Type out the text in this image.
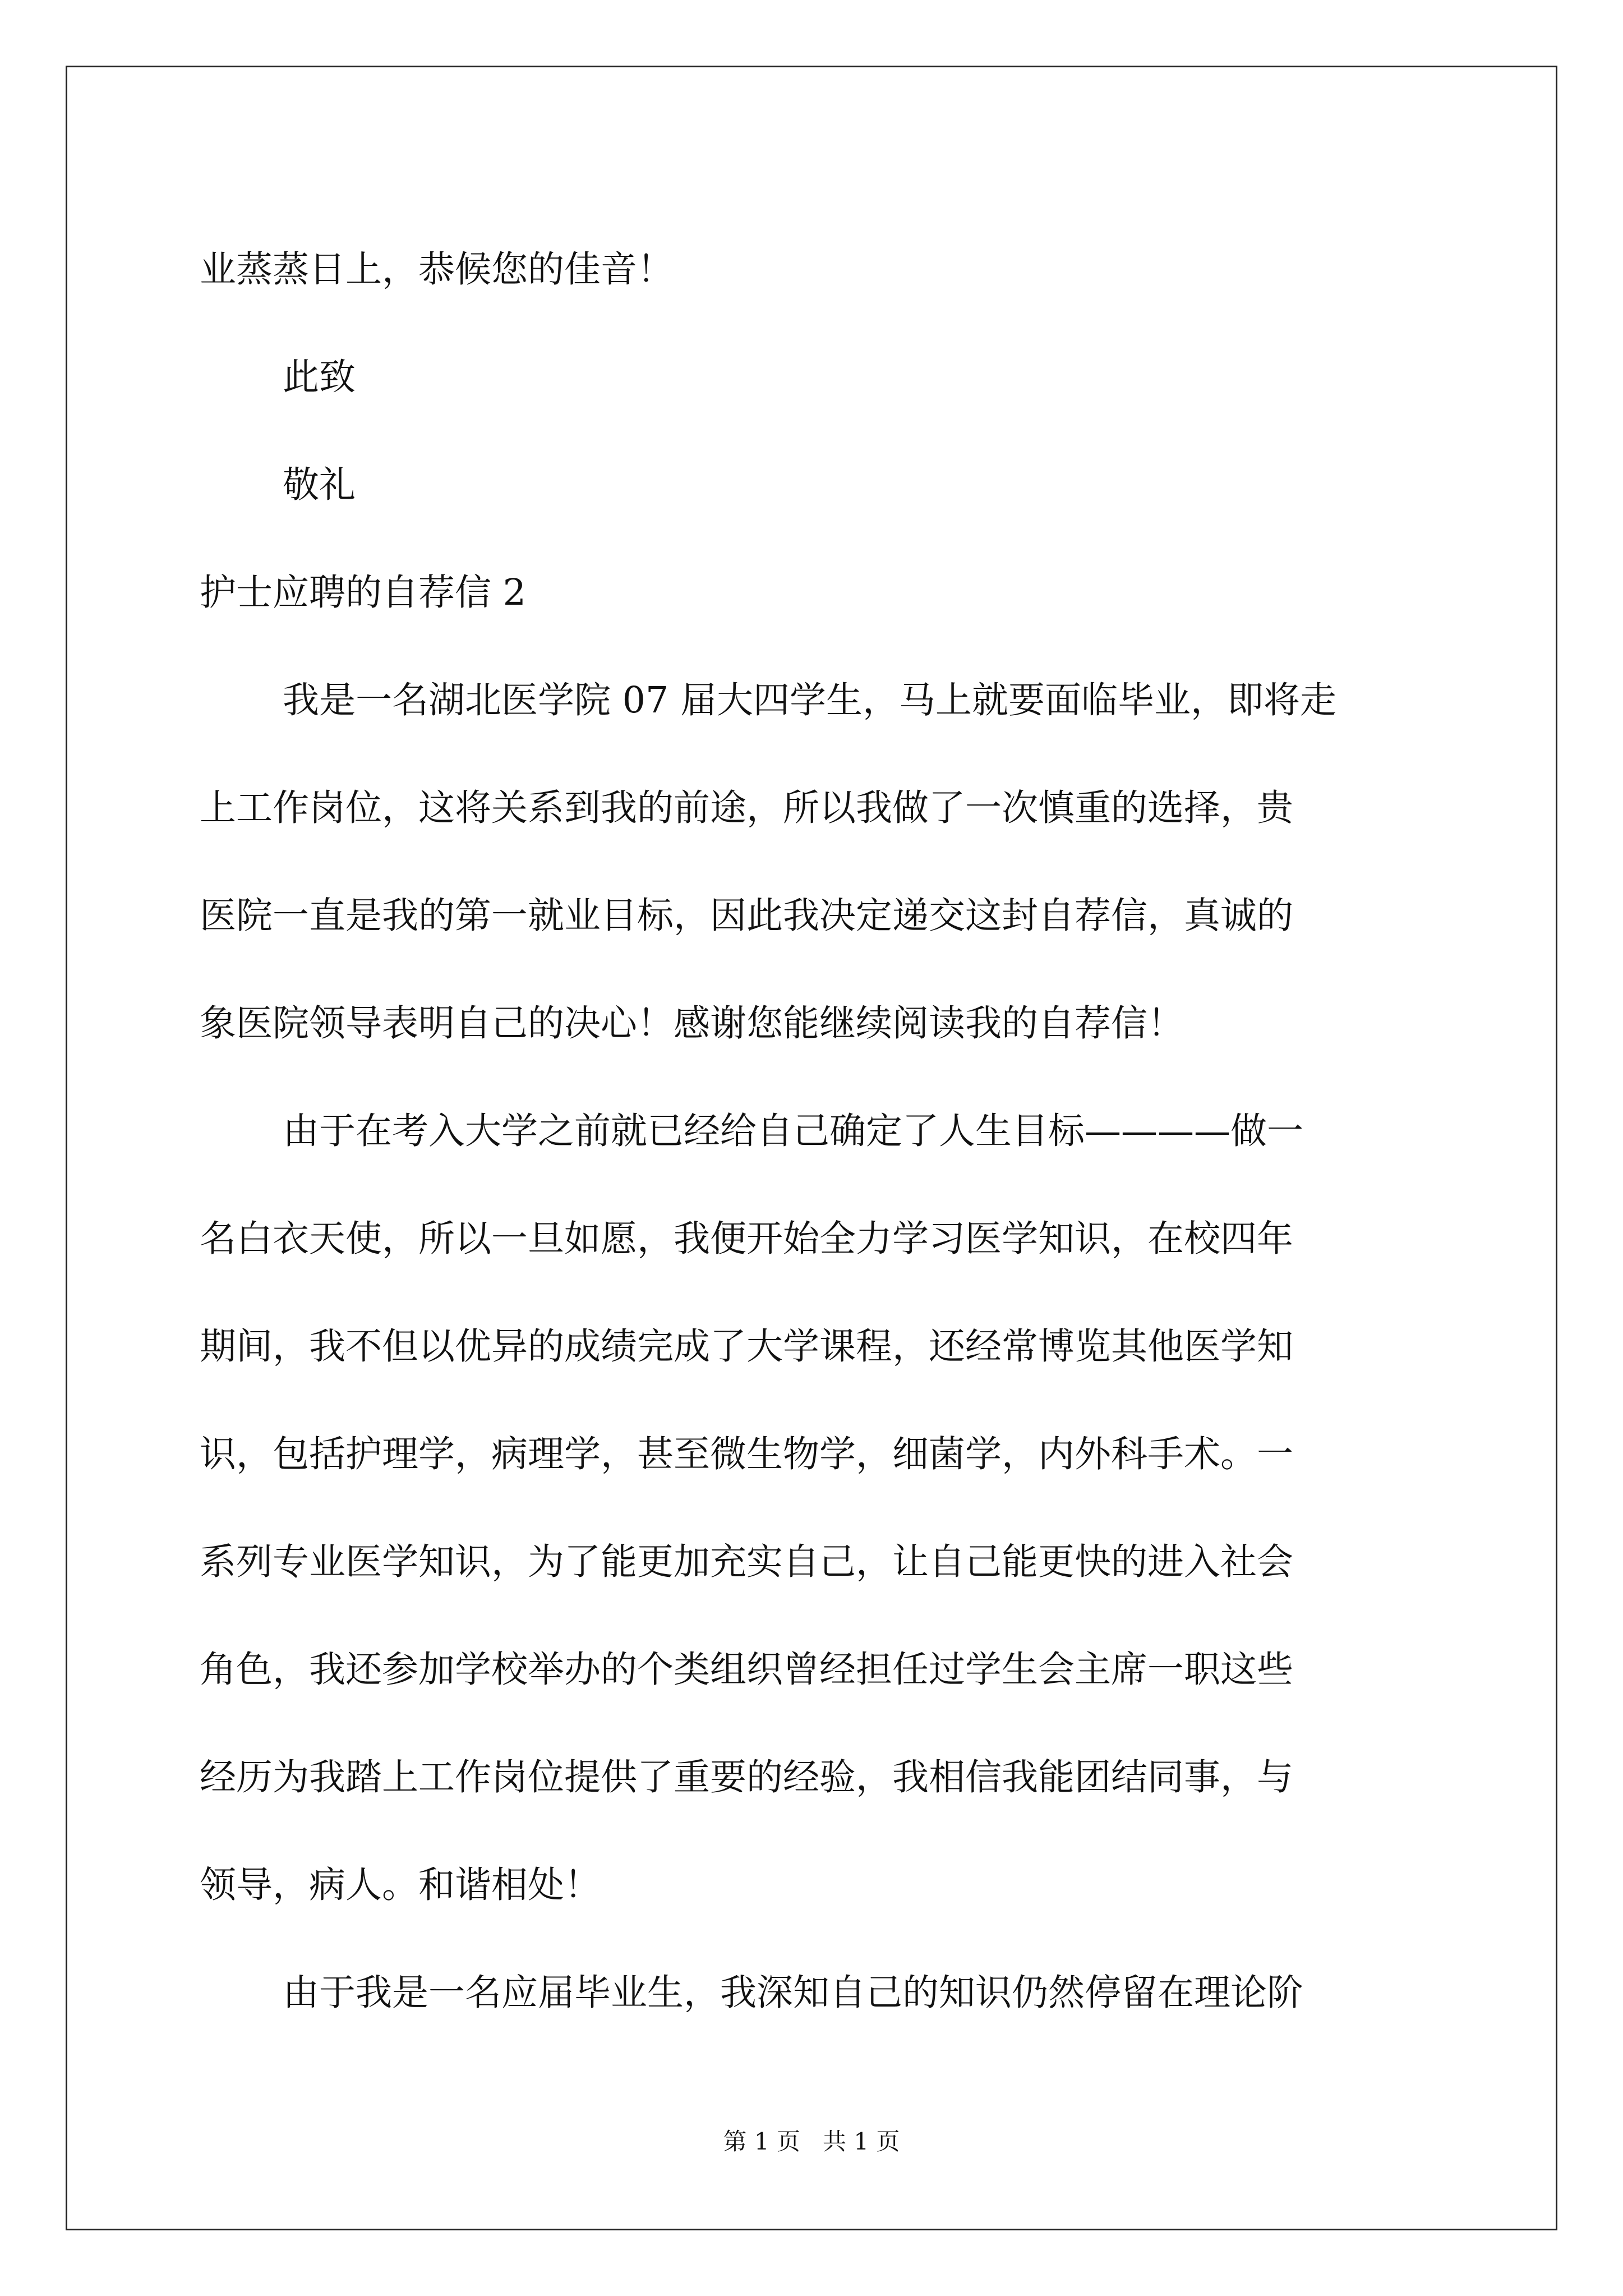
业蒸蒸日上，恭候您的佳音！
此致
敬礼
护士应聘的自荐信 2
我是一名湖北医学院 07 届大四学生，马上就要面临毕业，即将走
上工作岗位，这将关系到我的前途，所以我做了一次慎重的选择，贵
医院一直是我的第一就业目标，因此我决定递交这封自荐信，真诚的
象医院领导表明自己的决心！感谢您能继续阅读我的自荐信！
由于在考入大学之前就已经给自己确定了人生目标————做一
名白衣天使，所以一旦如愿，我便开始全力学习医学知识，在校四年
期间，我不但以优异的成绩完成了大学课程，还经常博览其他医学知
识，包括护理学，病理学，甚至微生物学，细菌学，内外科手术。一
系列专业医学知识，为了能更加充实自己，让自己能更快的进入社会
角色，我还参加学校举办的个类组织曾经担任过学生会主席一职这些
经历为我踏上工作岗位提供了重要的经验，我相信我能团结同事，与
领导，病人。和谐相处！
由于我是一名应届毕业生，我深知自己的知识仍然停留在理论阶
第 1 页   共 1 页
